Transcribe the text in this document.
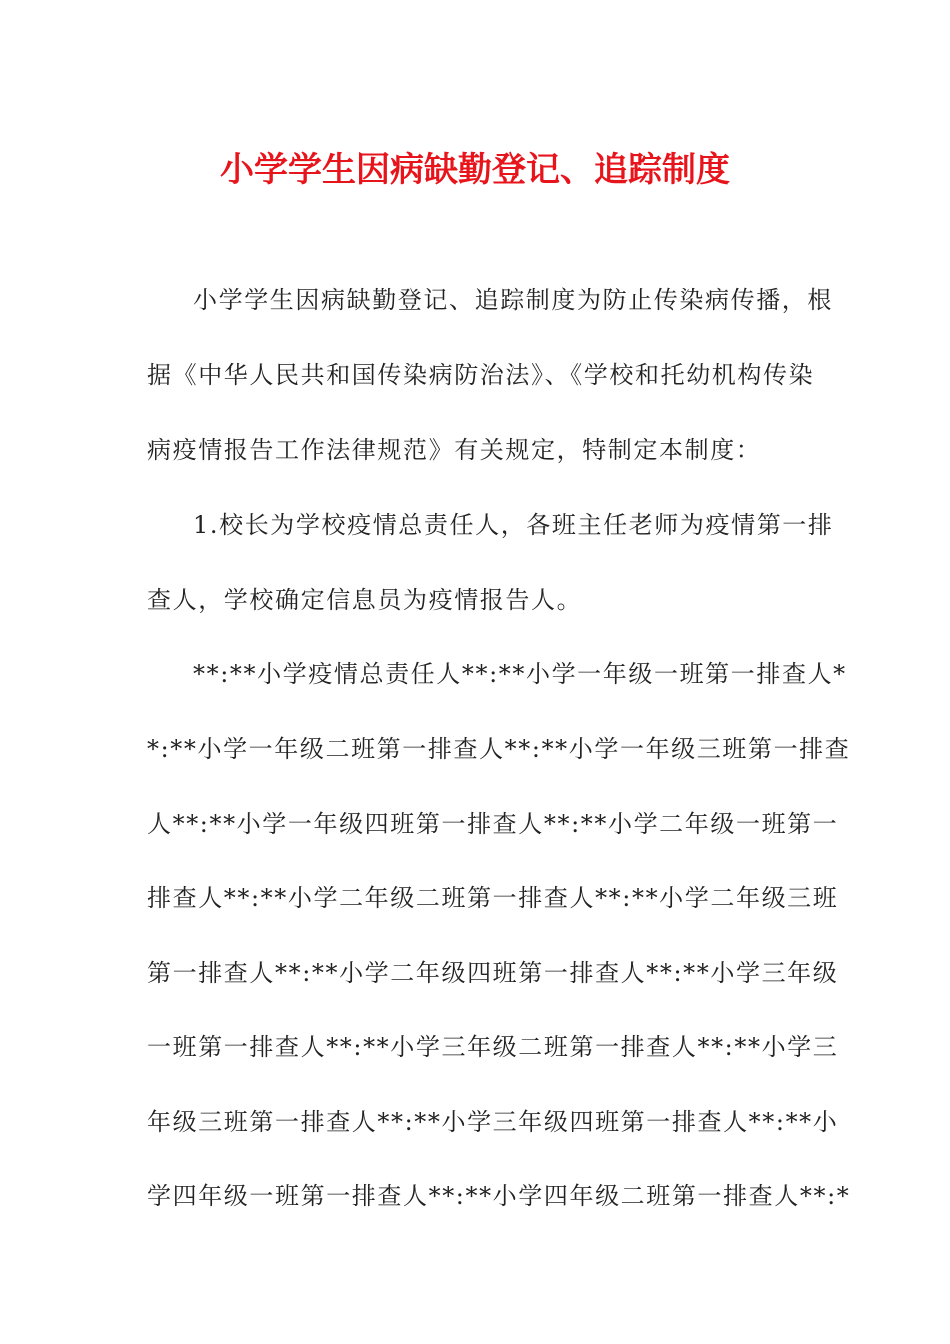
小学学生因病缺勤登记、追踪制度

小学学生因病缺勤登记、追踪制度为防止传染病传播，根

据《中华人民共和国传染病防治法》、《学校和托幼机构传染

病疫情报告工作法律规范》有关规定，特制定本制度：

1.校长为学校疫情总责任人，各班主任老师为疫情第一排

查人，学校确定信息员为疫情报告人。

**:**小学疫情总责任人**:**小学一年级一班第一排查人*

*:**小学一年级二班第一排查人**:**小学一年级三班第一排查

人**:**小学一年级四班第一排查人**:**小学二年级一班第一

排查人**:**小学二年级二班第一排查人**:**小学二年级三班

第一排查人**:**小学二年级四班第一排查人**:**小学三年级

一班第一排查人**:**小学三年级二班第一排查人**:**小学三

年级三班第一排查人**:**小学三年级四班第一排查人**:**小

学四年级一班第一排查人**:**小学四年级二班第一排查人**:*
